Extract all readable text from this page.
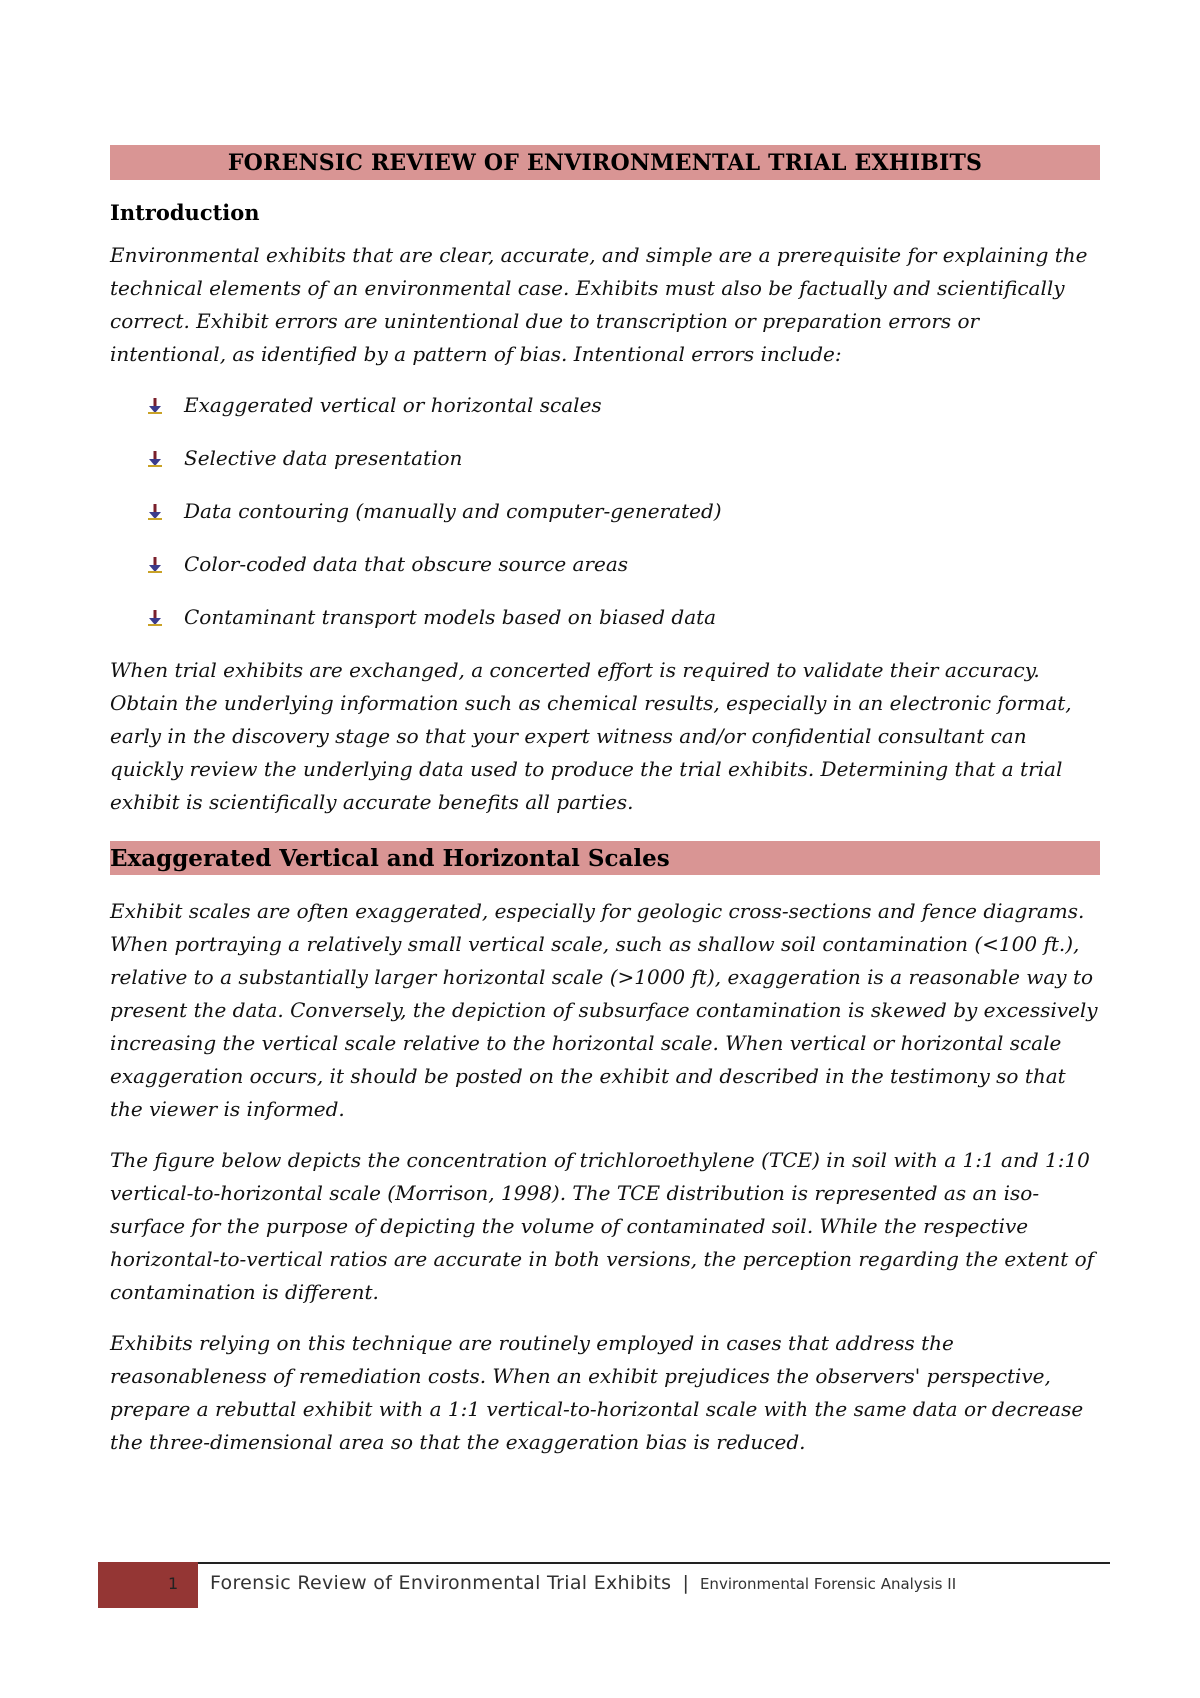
FORENSIC REVIEW OF ENVIRONMENTAL TRIAL EXHIBITS
Introduction

Environmental exhibits that are clear, accurate, and simple are a prerequisite for explaining the technical elements of an environmental case. Exhibits must also be factually and scientifically correct. Exhibit errors are unintentional due to transcription or preparation errors or intentional, as identified by a pattern of bias. Intentional errors include:

Exaggerated vertical or horizontal scales
Selective data presentation
Data contouring (manually and computer-generated)
Color-coded data that obscure source areas
Contaminant transport models based on biased data

When trial exhibits are exchanged, a concerted effort is required to validate their accuracy. Obtain the underlying information such as chemical results, especially in an electronic format, early in the discovery stage so that your expert witness and/or confidential consultant can quickly review the underlying data used to produce the trial exhibits. Determining that a trial exhibit is scientifically accurate benefits all parties.

Exaggerated Vertical and Horizontal Scales

Exhibit scales are often exaggerated, especially for geologic cross-sections and fence diagrams. When portraying a relatively small vertical scale, such as shallow soil contamination (<100 ft.), relative to a substantially larger horizontal scale (>1000 ft), exaggeration is a reasonable way to present the data. Conversely, the depiction of subsurface contamination is skewed by excessively increasing the vertical scale relative to the horizontal scale. When vertical or horizontal scale exaggeration occurs, it should be posted on the exhibit and described in the testimony so that the viewer is informed.

The figure below depicts the concentration of trichloroethylene (TCE) in soil with a 1:1 and 1:10 vertical-to-horizontal scale (Morrison, 1998). The TCE distribution is represented as an iso-surface for the purpose of depicting the volume of contaminated soil. While the respective horizontal-to-vertical ratios are accurate in both versions, the perception regarding the extent of contamination is different.

Exhibits relying on this technique are routinely employed in cases that address the reasonableness of remediation costs. When an exhibit prejudices the observers' perspective, prepare a rebuttal exhibit with a 1:1 vertical-to-horizontal scale with the same data or decrease the three-dimensional area so that the exaggeration bias is reduced.

1 Forensic Review of Environmental Trial Exhibits | Environmental Forensic Analysis II
